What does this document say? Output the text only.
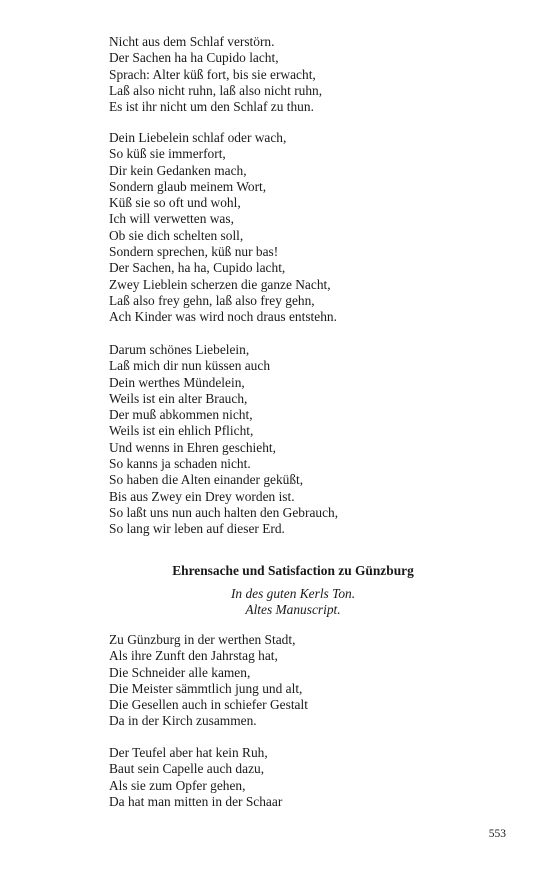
Nicht aus dem Schlaf verstörn.
Der Sachen ha ha Cupido lacht,
Sprach: Alter küß fort, bis sie erwacht,
Laß also nicht ruhn, laß also nicht ruhn,
Es ist ihr nicht um den Schlaf zu thun.
Dein Liebelein schlaf oder wach,
So küß sie immerfort,
Dir kein Gedanken mach,
Sondern glaub meinem Wort,
Küß sie so oft und wohl,
Ich will verwetten was,
Ob sie dich schelten soll,
Sondern sprechen, küß nur bas!
Der Sachen, ha ha, Cupido lacht,
Zwey Lieblein scherzen die ganze Nacht,
Laß also frey gehn, laß also frey gehn,
Ach Kinder was wird noch draus entstehn.
Darum schönes Liebelein,
Laß mich dir nun küssen auch
Dein werthes Mündelein,
Weils ist ein alter Brauch,
Der muß abkommen nicht,
Weils ist ein ehlich Pflicht,
Und wenns in Ehren geschieht,
So kanns ja schaden nicht.
So haben die Alten einander geküßt,
Bis aus Zwey ein Drey worden ist.
So laßt uns nun auch halten den Gebrauch,
So lang wir leben auf dieser Erd.
Ehrensache und Satisfaction zu Günzburg
In des guten Kerls Ton.
Altes Manuscript.
Zu Günzburg in der werthen Stadt,
Als ihre Zunft den Jahrstag hat,
Die Schneider alle kamen,
Die Meister sämmtlich jung und alt,
Die Gesellen auch in schiefer Gestalt
Da in der Kirch zusammen.
Der Teufel aber hat kein Ruh,
Baut sein Capelle auch dazu,
Als sie zum Opfer gehen,
Da hat man mitten in der Schaar
553
